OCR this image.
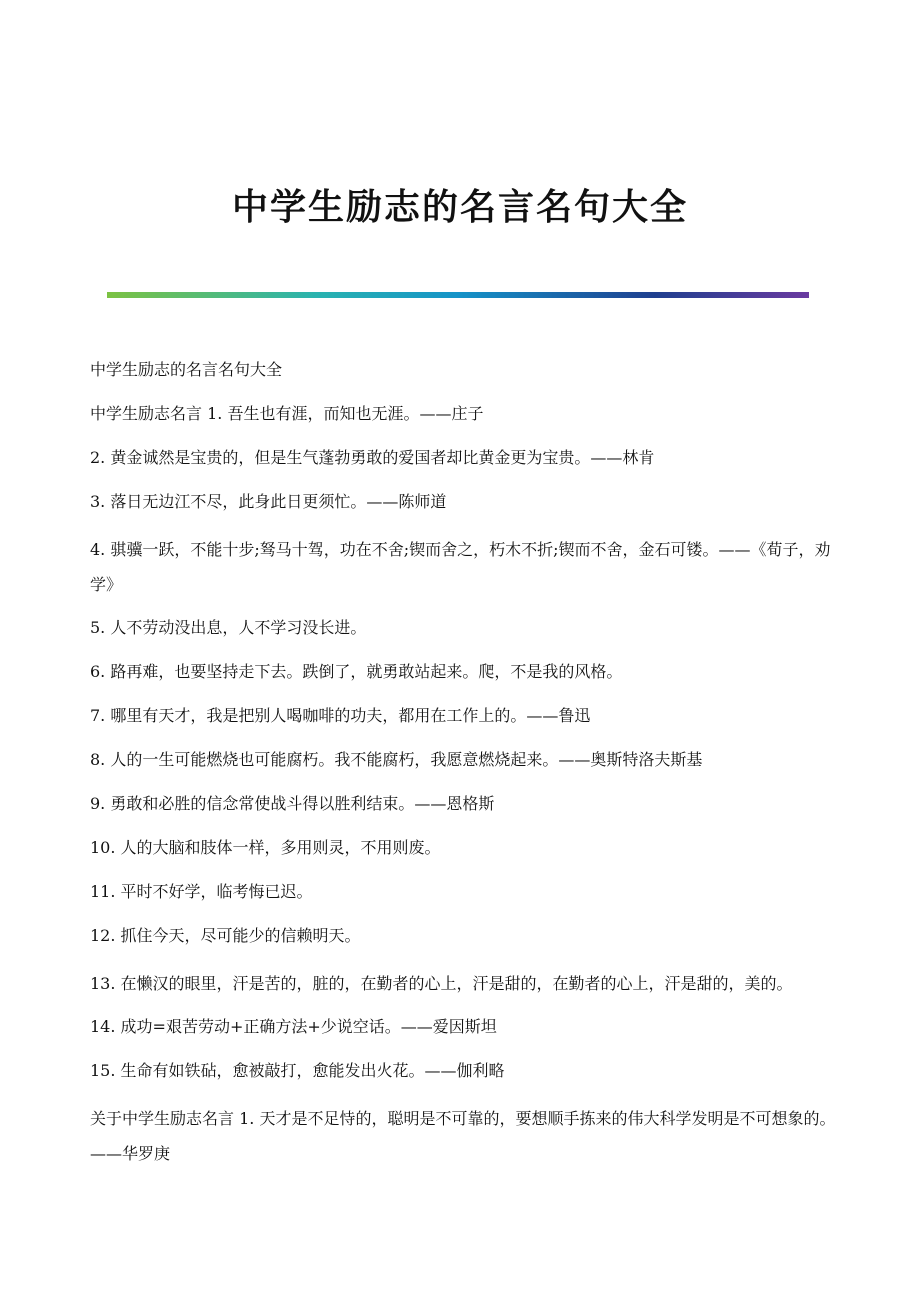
中学生励志的名言名句大全

中学生励志的名言名句大全

中学生励志名言 1. 吾生也有涯，而知也无涯。——庄子

2. 黄金诚然是宝贵的，但是生气蓬勃勇敢的爱国者却比黄金更为宝贵。——林肯

3. 落日无边江不尽，此身此日更须忙。——陈师道

4. 骐骥一跃，不能十步;驽马十驾，功在不舍;锲而舍之，朽木不折;锲而不舍，金石可镂。——《荀子，劝学》

5. 人不劳动没出息，人不学习没长进。

6. 路再难，也要坚持走下去。跌倒了，就勇敢站起来。爬，不是我的风格。

7. 哪里有天才，我是把别人喝咖啡的功夫，都用在工作上的。——鲁迅

8. 人的一生可能燃烧也可能腐朽。我不能腐朽，我愿意燃烧起来。——奥斯特洛夫斯基

9. 勇敢和必胜的信念常使战斗得以胜利结束。——恩格斯

10. 人的大脑和肢体一样，多用则灵，不用则废。

11. 平时不好学，临考悔已迟。

12. 抓住今天，尽可能少的信赖明天。

13. 在懒汉的眼里，汗是苦的，脏的，在勤者的心上，汗是甜的，在勤者的心上，汗是甜的，美的。

14. 成功=艰苦劳动+正确方法+少说空话。——爱因斯坦

15. 生命有如铁砧，愈被敲打，愈能发出火花。——伽利略

关于中学生励志名言 1. 天才是不足恃的，聪明是不可靠的，要想顺手拣来的伟大科学发明是不可想象的。——华罗庚
